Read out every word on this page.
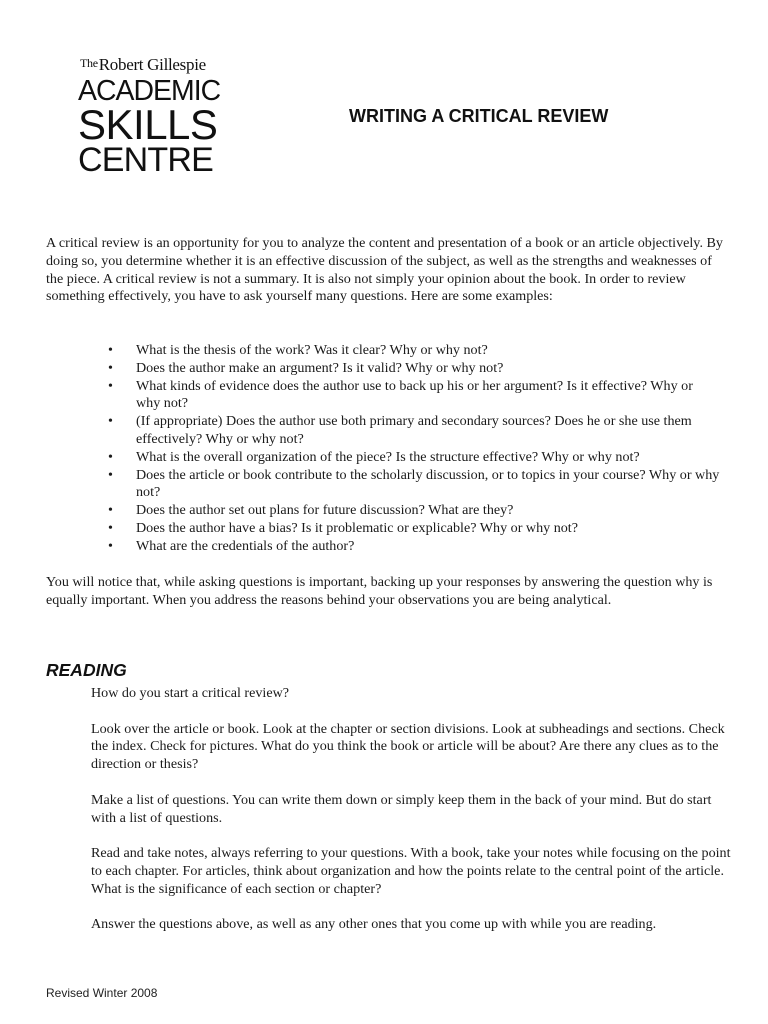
TheRobert Gillespie
ACADEMIC
SKILLS
CENTRE
WRITING A CRITICAL REVIEW

A critical review is an opportunity for you to analyze the content and presentation of a book or an article objectively. By doing so, you determine whether it is an effective discussion of the subject, as well as the strengths and weaknesses of the piece. A critical review is not a summary. It is also not simply your opinion about the book. In order to review something effectively, you have to ask yourself many questions. Here are some examples:

•	What is the thesis of the work? Was it clear? Why or why not?
•	Does the author make an argument? Is it valid? Why or why not?
•	What kinds of evidence does the author use to back up his or her argument? Is it effective? Why or why not?
•	(If appropriate) Does the author use both primary and secondary sources? Does he or she use them effectively? Why or why not?
•	What is the overall organization of the piece? Is the structure effective? Why or why not?
•	Does the article or book contribute to the scholarly discussion, or to topics in your course? Why or why not?
•	Does the author set out plans for future discussion? What are they?
•	Does the author have a bias? Is it problematic or explicable? Why or why not?
•	What are the credentials of the author?

You will notice that, while asking questions is important, backing up your responses by answering the question why is equally important. When you address the reasons behind your observations you are being analytical.

READING

How do you start a critical review?

Look over the article or book. Look at the chapter or section divisions. Look at subheadings and sections. Check the index. Check for pictures. What do you think the book or article will be about? Are there any clues as to the direction or thesis?

Make a list of questions. You can write them down or simply keep them in the back of your mind. But do start with a list of questions.

Read and take notes, always referring to your questions. With a book, take your notes while focusing on the point to each chapter. For articles, think about organization and how the points relate to the central point of the article. What is the significance of each section or chapter?

Answer the questions above, as well as any other ones that you come up with while you are reading.

Revised Winter 2008
